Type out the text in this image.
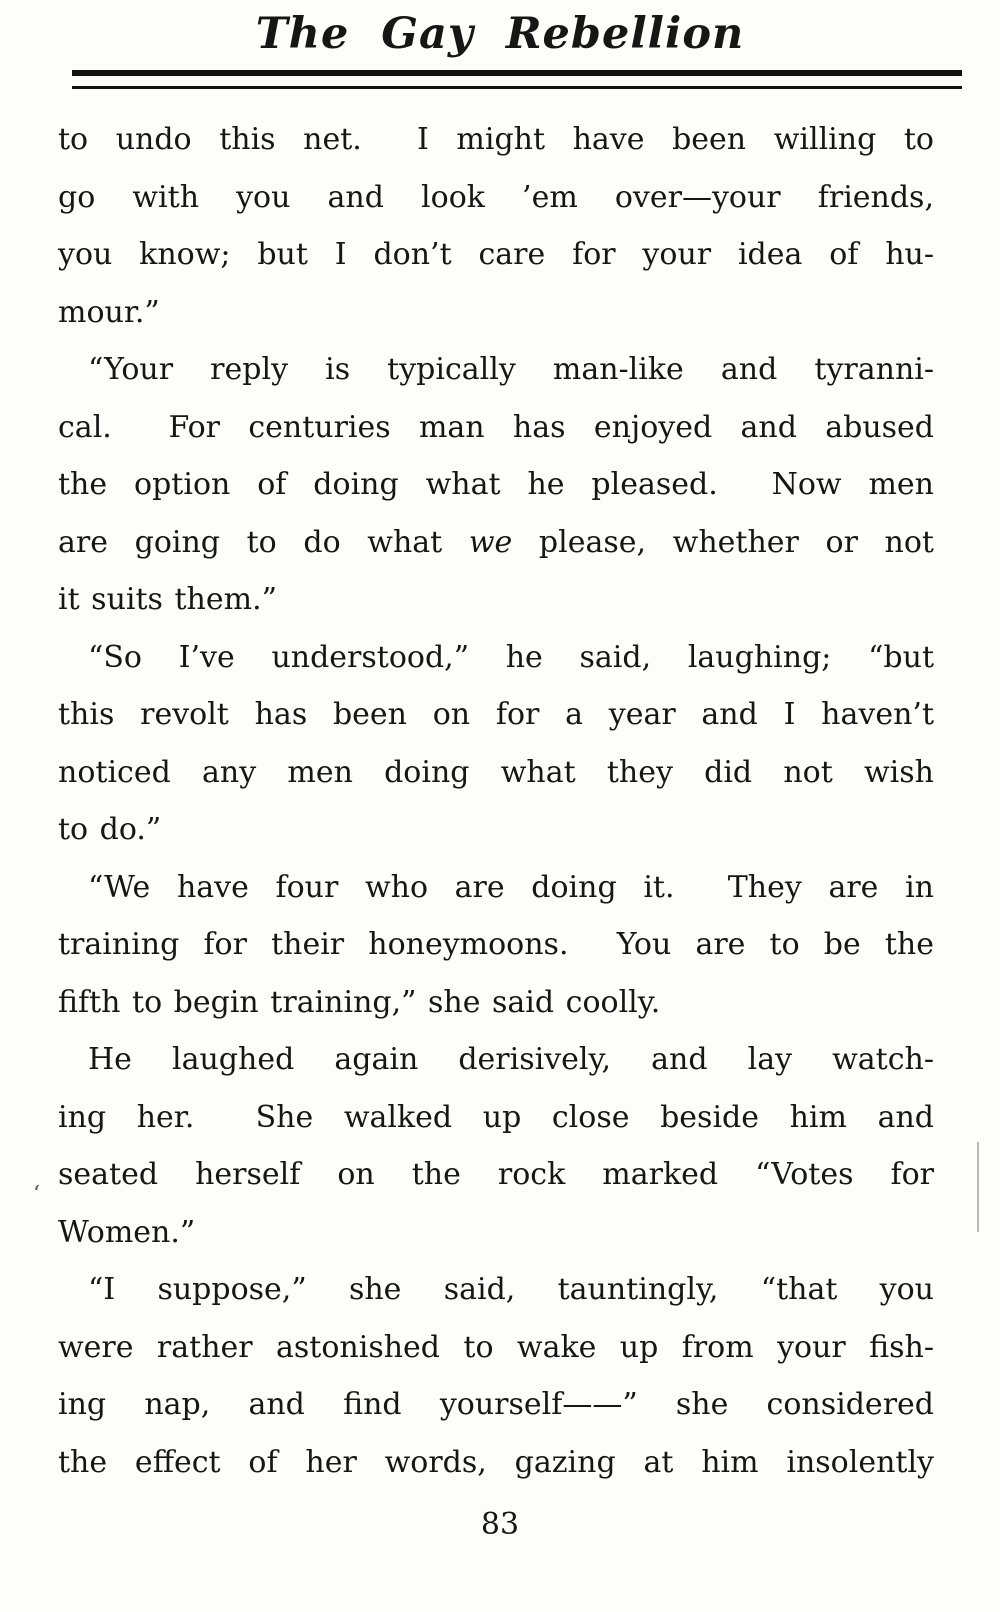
The Gay Rebellion
to undo this net.  I might have been willing to
go with you and look ’em over—your friends,
you know; but I don’t care for your idea of hu-
mour.”
“Your reply is typically man-like and tyranni-
cal.  For centuries man has enjoyed and abused
the option of doing what he pleased.  Now men
are going to do what we please, whether or not
it suits them.”
“So I’ve understood,” he said, laughing; “but
this revolt has been on for a year and I haven’t
noticed any men doing what they did not wish
to do.”
“We have four who are doing it.  They are in
training for their honeymoons.  You are to be the
fifth to begin training,” she said coolly.
He laughed again derisively, and lay watch-
ing her.  She walked up close beside him and
seated herself on the rock marked “Votes for
Women.”
“I suppose,” she said, tauntingly, “that you
were rather astonished to wake up from your fish-
ing nap, and find yourself——” she considered
the effect of her words, gazing at him insolently
83
‘
